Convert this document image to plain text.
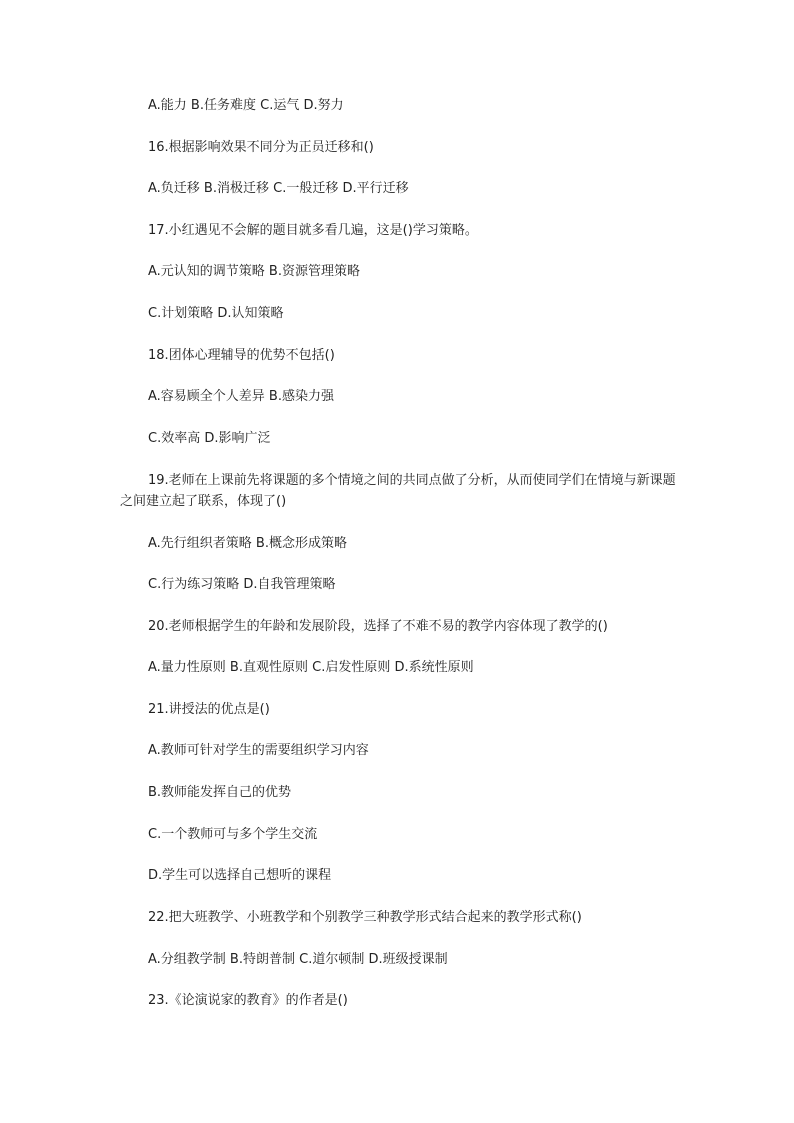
A.能力 B.任务难度 C.运气 D.努力
16.根据影响效果不同分为正员迁移和()
A.负迁移 B.消极迁移 C.一般迁移 D.平行迁移
17.小红遇见不会解的题目就多看几遍，这是()学习策略。
A.元认知的调节策略 B.资源管理策略
C.计划策略 D.认知策略
18.团体心理辅导的优势不包括()
A.容易顾全个人差异 B.感染力强
C.效率高 D.影响广泛
19.老师在上课前先将课题的多个情境之间的共同点做了分析，从而使同学们在情境与新课题之间建立起了联系，体现了()
A.先行组织者策略 B.概念形成策略
C.行为练习策略 D.自我管理策略
20.老师根据学生的年龄和发展阶段，选择了不难不易的教学内容体现了教学的()
A.量力性原则 B.直观性原则 C.启发性原则 D.系统性原则
21.讲授法的优点是()
A.教师可针对学生的需要组织学习内容
B.教师能发挥自己的优势
C.一个教师可与多个学生交流
D.学生可以选择自己想听的课程
22.把大班教学、小班教学和个别教学三种教学形式结合起来的教学形式称()
A.分组教学制 B.特朗普制 C.道尔顿制 D.班级授课制
23.《论演说家的教育》的作者是()
